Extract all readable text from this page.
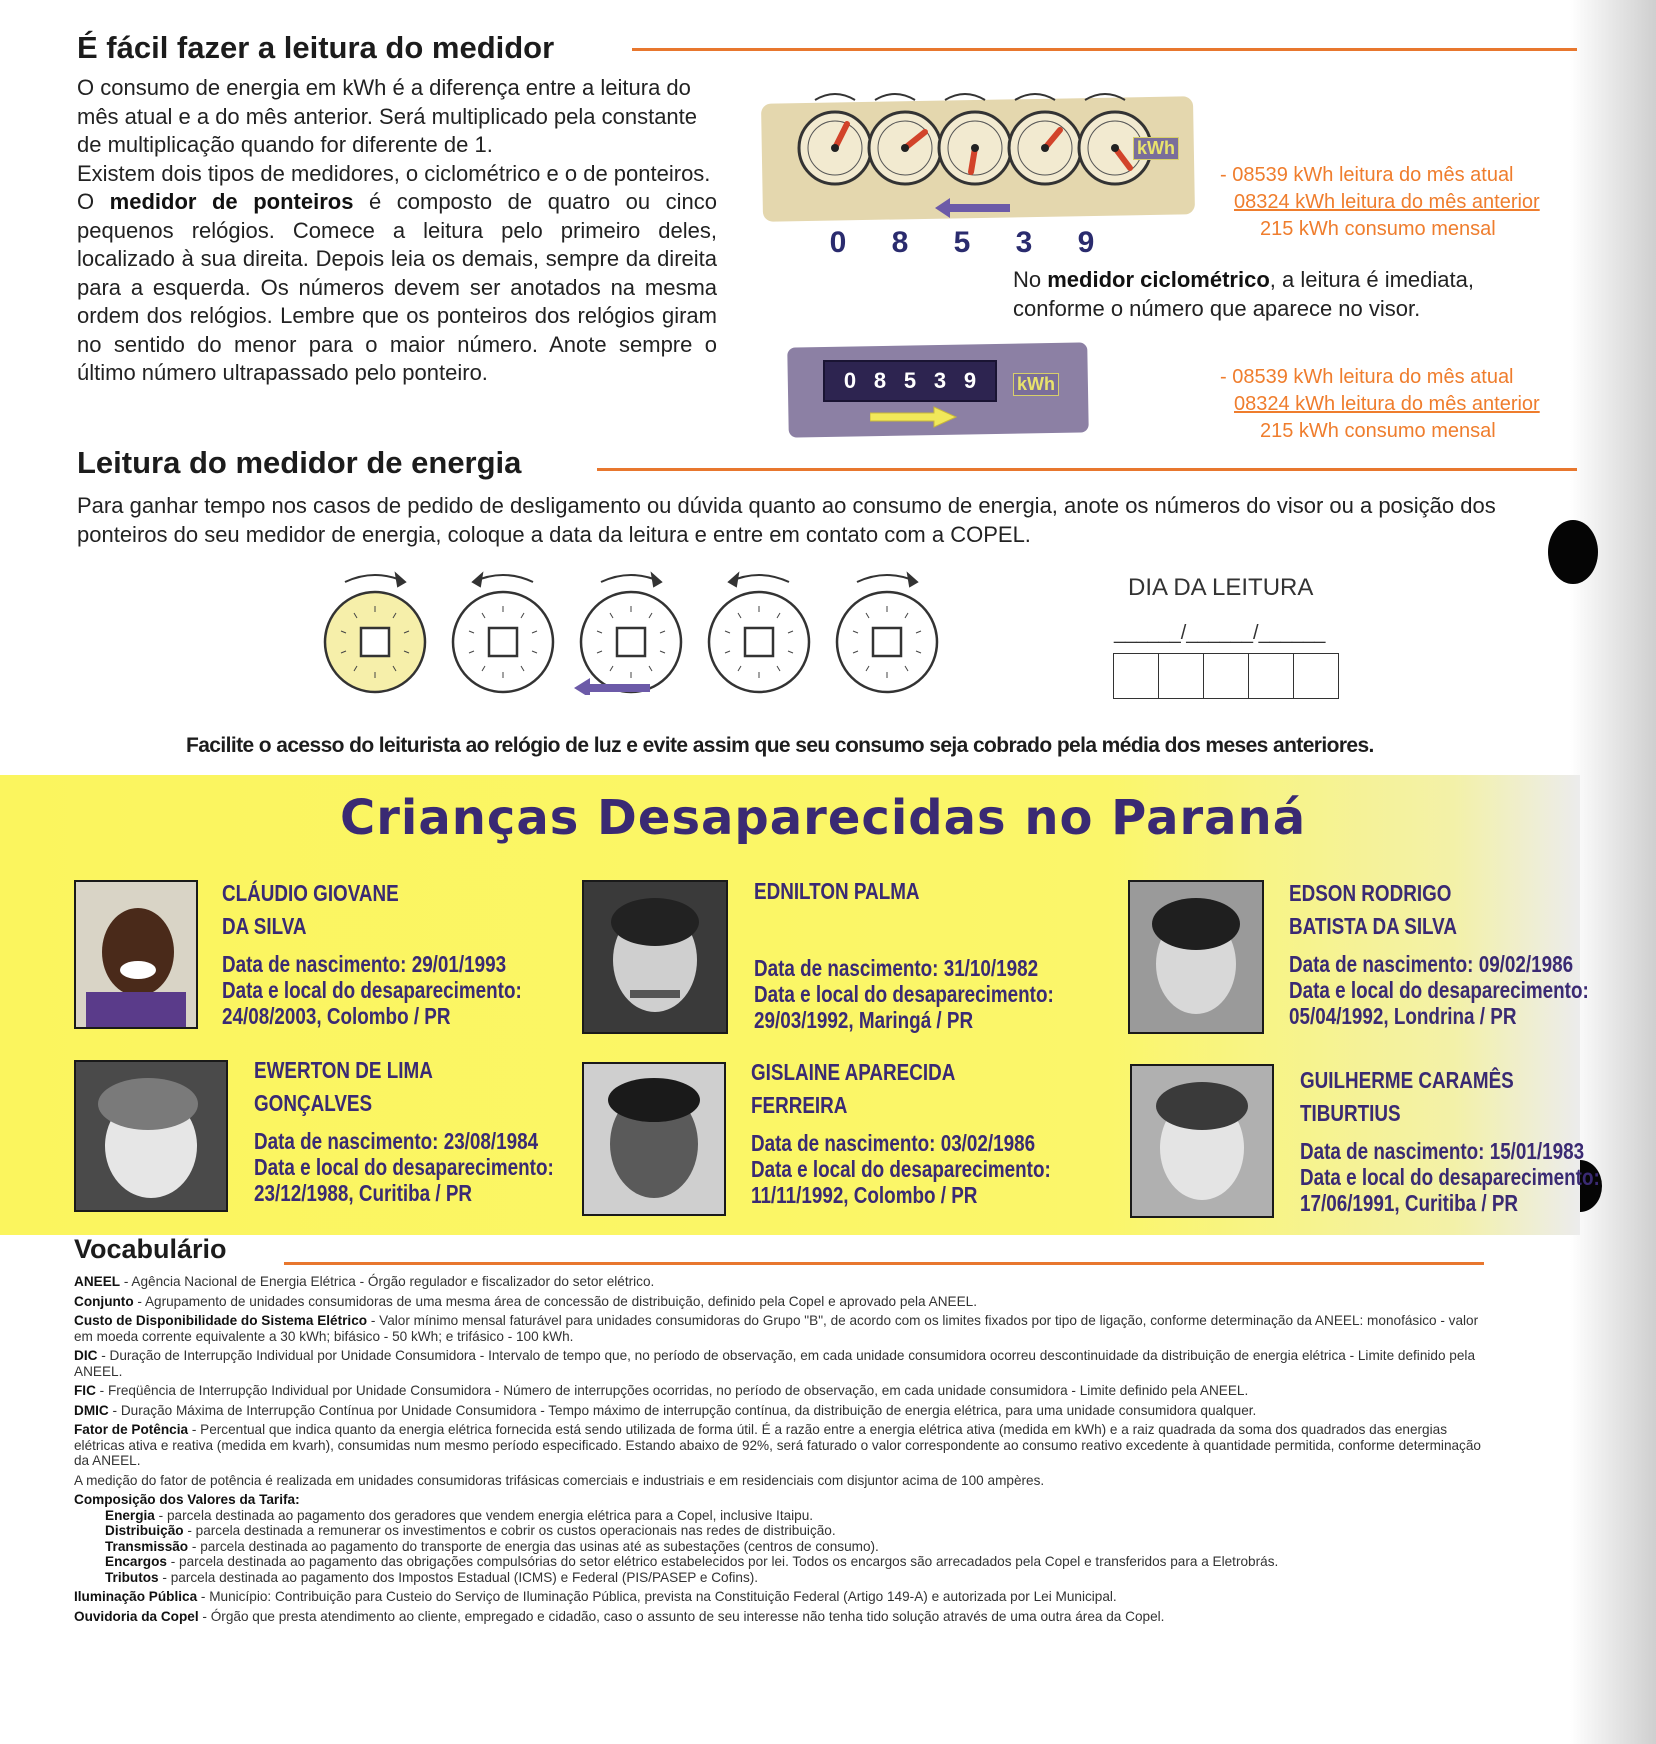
É fácil fazer a leitura do medidor
O consumo de energia em kWh é a diferença entre a leitura do mês atual e a do mês anterior. Será multiplicado pela constante de multiplicação quando for diferente de 1.
Existem dois tipos de medidores, o ciclométrico e o de ponteiros.
O medidor de ponteiros é composto de quatro ou cinco pequenos relógios. Comece a leitura pelo primeiro deles, localizado à sua direita. Depois leia os demais, sempre da direita para a esquerda. Os números devem ser anotados na mesma ordem dos relógios. Lembre que os ponteiros dos relógios giram no sentido do menor para o maior número. Anote sempre o último número ultrapassado pelo ponteiro.
kWh
0 8 5 3 9
- 08539 kWh leitura do mês atual
08324 kWh leitura do mês anterior
215 kWh consumo mensal
No medidor ciclométrico, a leitura é imediata, conforme o número que aparece no visor.
0 8 5 3 9	kWh	- 08539 kWh leitura do mês atual
08324 kWh leitura do mês anterior
215 kWh consumo mensal
Leitura do medidor de energia
Para ganhar tempo nos casos de pedido de desligamento ou dúvida quanto ao consumo de energia, anote os números do visor ou a posição dos ponteiros do seu medidor de energia, coloque a data da leitura e entre em contato com a COPEL.
DIA DA LEITURA
______/______/______
Facilite o acesso do leiturista ao relógio de luz e evite assim que seu consumo seja cobrado pela média dos meses anteriores.
Crianças Desaparecidas no Paraná
CLÁUDIO GIOVANE
DA SILVA
Data de nascimento: 29/01/1993
Data e local do desaparecimento:
24/08/2003, Colombo / PR
EDNILTON PALMA
Data de nascimento: 31/10/1982
Data e local do desaparecimento:
29/03/1992, Maringá / PR
EDSON RODRIGO
BATISTA DA SILVA
Data de nascimento: 09/02/1986
Data e local do desaparecimento:
05/04/1992, Londrina / PR
EWERTON DE LIMA
GONÇALVES
Data de nascimento: 23/08/1984
Data e local do desaparecimento:
23/12/1988, Curitiba / PR
GISLAINE APARECIDA
FERREIRA
Data de nascimento: 03/02/1986
Data e local do desaparecimento:
11/11/1992, Colombo / PR
GUILHERME CARAMÊS
TIBURTIUS
Data de nascimento: 15/01/1983
Data e local do desaparecimento:
17/06/1991, Curitiba / PR
Vocabulário

ANEEL - Agência Nacional de Energia Elétrica - Órgão regulador e fiscalizador do setor elétrico.

Conjunto - Agrupamento de unidades consumidoras de uma mesma área de concessão de distribuição, definido pela Copel e aprovado pela ANEEL.

Custo de Disponibilidade do Sistema Elétrico - Valor mínimo mensal faturável para unidades consumidoras do Grupo "B", de acordo com os limites fixados por tipo de ligação, conforme determinação da ANEEL: monofásico - valor em moeda corrente equivalente a 30 kWh; bifásico - 50 kWh; e trifásico - 100 kWh.

DIC - Duração de Interrupção Individual por Unidade Consumidora - Intervalo de tempo que, no período de observação, em cada unidade consumidora ocorreu descontinuidade da distribuição de energia elétrica - Limite definido pela ANEEL.

FIC - Freqüência de Interrupção Individual por Unidade Consumidora - Número de interrupções ocorridas, no período de observação, em cada unidade consumidora - Limite definido pela ANEEL.

DMIC - Duração Máxima de Interrupção Contínua por Unidade Consumidora - Tempo máximo de interrupção contínua, da distribuição de energia elétrica, para uma unidade consumidora qualquer.

Fator de Potência - Percentual que indica quanto da energia elétrica fornecida está sendo utilizada de forma útil. É a razão entre a energia elétrica ativa (medida em kWh) e a raiz quadrada da soma dos quadrados das energias elétricas ativa e reativa (medida em kvarh), consumidas num mesmo período especificado. Estando abaixo de 92%, será faturado o valor correspondente ao consumo reativo excedente à quantidade permitida, conforme determinação da ANEEL.

A medição do fator de potência é realizada em unidades consumidoras trifásicas comerciais e industriais e em residenciais com disjuntor acima de 100 ampères.

Composição dos Valores da Tarifa:

Energia - parcela destinada ao pagamento dos geradores que vendem energia elétrica para a Copel, inclusive Itaipu.

Distribuição - parcela destinada a remunerar os investimentos e cobrir os custos operacionais nas redes de distribuição.

Transmissão - parcela destinada ao pagamento do transporte de energia das usinas até as subestações (centros de consumo).

Encargos - parcela destinada ao pagamento das obrigações compulsórias do setor elétrico estabelecidos por lei. Todos os encargos são arrecadados pela Copel e transferidos para a Eletrobrás.

Tributos - parcela destinada ao pagamento dos Impostos Estadual (ICMS) e Federal (PIS/PASEP e Cofins).

Iluminação Pública - Município: Contribuição para Custeio do Serviço de Iluminação Pública, prevista na Constituição Federal (Artigo 149-A) e autorizada por Lei Municipal.

Ouvidoria da Copel - Órgão que presta atendimento ao cliente, empregado e cidadão, caso o assunto de seu interesse não tenha tido solução através de uma outra área da Copel.
